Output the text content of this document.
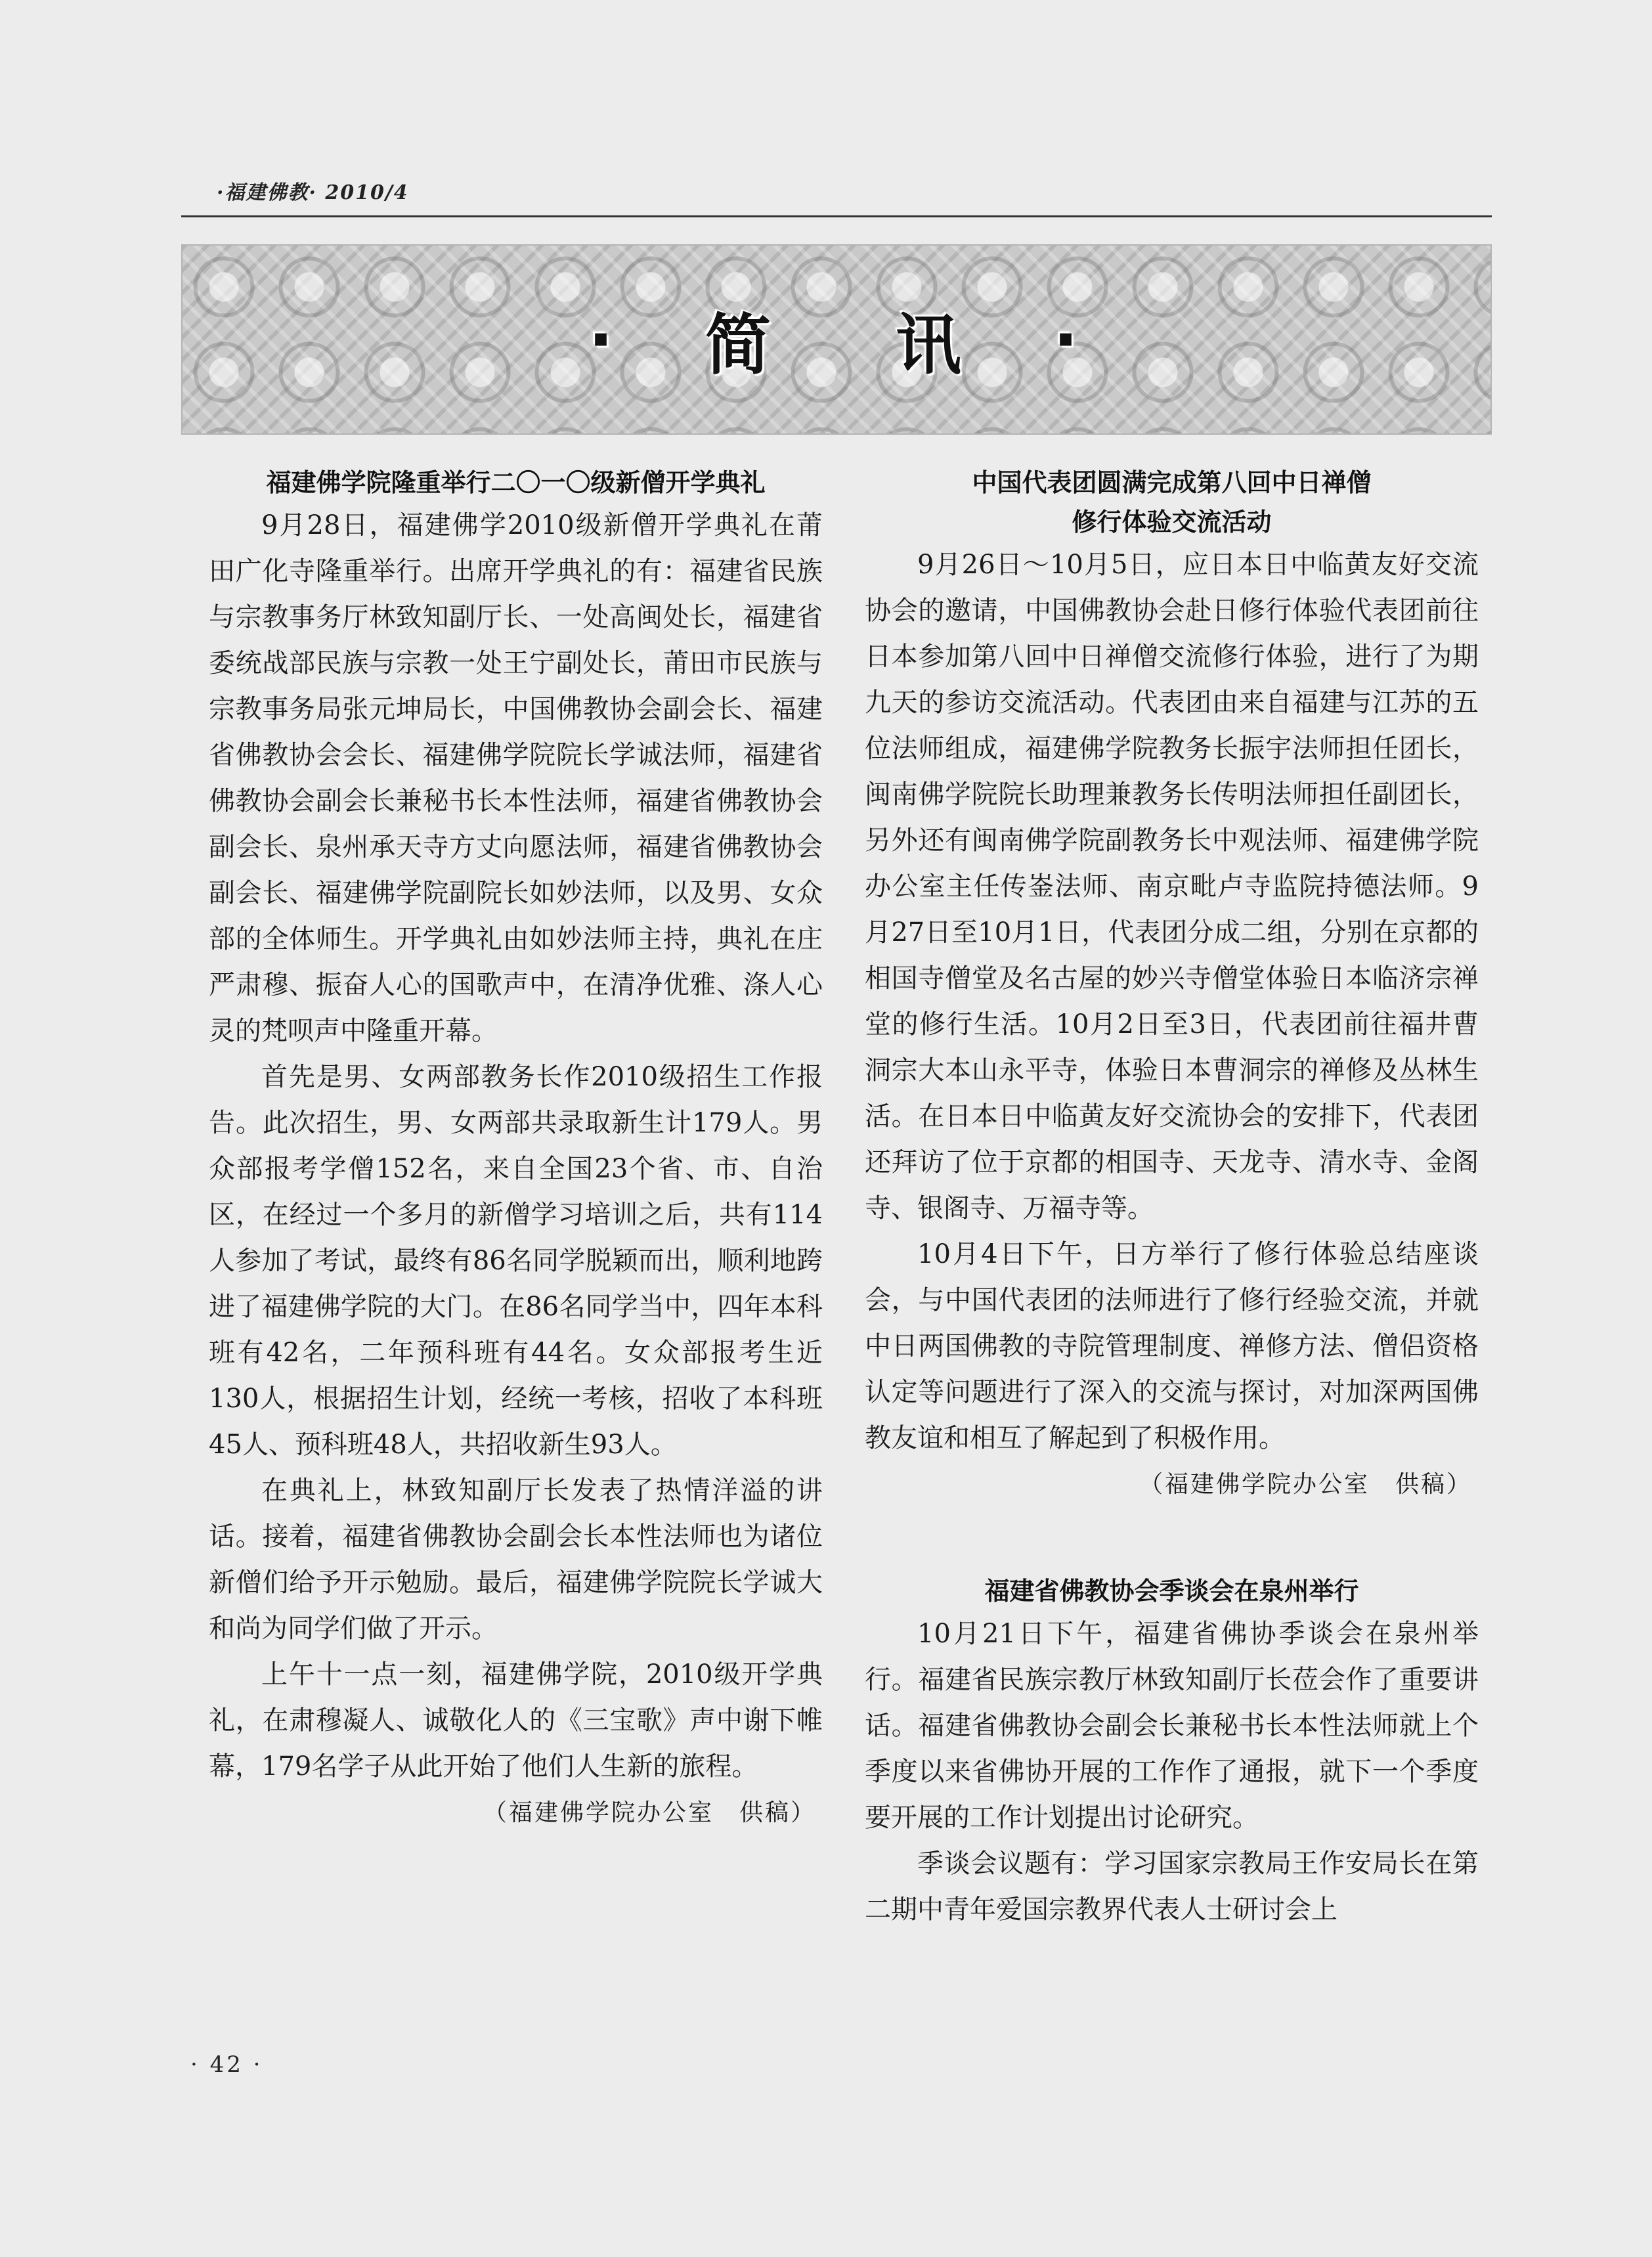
·福建佛教· 2010/4
· 简 讯 ·
福建佛学院隆重举行二〇一〇级新僧开学典礼

9月28日，福建佛学2010级新僧开学典礼在莆田广化寺隆重举行。出席开学典礼的有：福建省民族与宗教事务厅林致知副厅长、一处高闽处长，福建省委统战部民族与宗教一处王宁副处长，莆田市民族与宗教事务局张元坤局长，中国佛教协会副会长、福建省佛教协会会长、福建佛学院院长学诚法师，福建省佛教协会副会长兼秘书长本性法师，福建省佛教协会副会长、泉州承天寺方丈向愿法师，福建省佛教协会副会长、福建佛学院副院长如妙法师，以及男、女众部的全体师生。开学典礼由如妙法师主持，典礼在庄严肃穆、振奋人心的国歌声中，在清净优雅、涤人心灵的梵呗声中隆重开幕。

首先是男、女两部教务长作2010级招生工作报告。此次招生，男、女两部共录取新生计179人。男众部报考学僧152名，来自全国23个省、市、自治区，在经过一个多月的新僧学习培训之后，共有114人参加了考试，最终有86名同学脱颖而出，顺利地跨进了福建佛学院的大门。在86名同学当中，四年本科班有42名，二年预科班有44名。女众部报考生近130人，根据招生计划，经统一考核，招收了本科班45人、预科班48人，共招收新生93人。

在典礼上，林致知副厅长发表了热情洋溢的讲话。接着，福建省佛教协会副会长本性法师也为诸位新僧们给予开示勉励。最后，福建佛学院院长学诚大和尚为同学们做了开示。

上午十一点一刻，福建佛学院，2010级开学典礼，在肃穆凝人、诚敬化人的《三宝歌》声中谢下帷幕，179名学子从此开始了他们人生新的旅程。

（福建佛学院办公室　供稿）

中国代表团圆满完成第八回中日禅僧
修行体验交流活动

9月26日～10月5日，应日本日中临黄友好交流协会的邀请，中国佛教协会赴日修行体验代表团前往日本参加第八回中日禅僧交流修行体验，进行了为期九天的参访交流活动。代表团由来自福建与江苏的五位法师组成，福建佛学院教务长振宇法师担任团长，闽南佛学院院长助理兼教务长传明法师担任副团长，另外还有闽南佛学院副教务长中观法师、福建佛学院办公室主任传崟法师、南京毗卢寺监院持德法师。9月27日至10月1日，代表团分成二组，分别在京都的相国寺僧堂及名古屋的妙兴寺僧堂体验日本临济宗禅堂的修行生活。10月2日至3日，代表团前往福井曹洞宗大本山永平寺，体验日本曹洞宗的禅修及丛林生活。在日本日中临黄友好交流协会的安排下，代表团还拜访了位于京都的相国寺、天龙寺、清水寺、金阁寺、银阁寺、万福寺等。

10月4日下午，日方举行了修行体验总结座谈会，与中国代表团的法师进行了修行经验交流，并就中日两国佛教的寺院管理制度、禅修方法、僧侣资格认定等问题进行了深入的交流与探讨，对加深两国佛教友谊和相互了解起到了积极作用。

（福建佛学院办公室　供稿）

福建省佛教协会季谈会在泉州举行

10月21日下午，福建省佛协季谈会在泉州举行。福建省民族宗教厅林致知副厅长莅会作了重要讲话。福建省佛教协会副会长兼秘书长本性法师就上个季度以来省佛协开展的工作作了通报，就下一个季度要开展的工作计划提出讨论研究。

季谈会议题有：学习国家宗教局王作安局长在第二期中青年爱国宗教界代表人士研讨会上

· 42 ·
